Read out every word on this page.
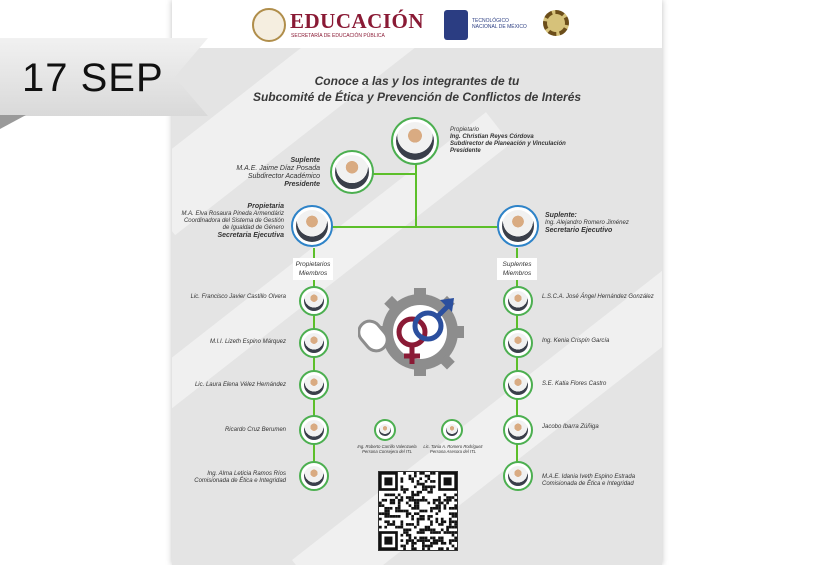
17 SEP
EDUCACIÓN
SECRETARÍA DE EDUCACIÓN PÚBLICA
TECNOLÓGICO NACIONAL DE MÉXICO
Conoce a las y los integrantes de tu
Subcomité de Ética y Prevención de Conflictos de Interés
Propietario
Ing. Christian Reyes Córdova
Subdirector de Planeación y Vinculación
Presidente
Suplente
M.A.E. Jaime Díaz Posada
Subdirector Académico
Presidente
Propietaria
M.A. Elva Rosaura Pineda Armendáriz
Coordinadora del Sistema de Gestión
de Igualdad de Género
Secretaria Ejecutiva
Suplente:
Ing. Alejandro Romero Jiménez
Secretario Ejecutivo
Propietarios
Miembros
Suplentes
Miembros
Lic. Francisco Javier Castillo Olvera
M.I.I. Lizeth Espino Márquez
Lic. Laura Elena Vélez Hernández
Ricardo Cruz Berumen
Ing. Alma Leticia Ramos Ríos
Comisionada de Ética e Integridad
L.S.C.A. José Ángel Hernández González
Ing. Kenia Crispín García
S.E. Katia Flores Castro
Jacobo Ibarra Zúñiga
M.A.E. Idania Iveth Espino Estrada
Comisionada de Ética e Integridad
Ing. Roberto Carrillo Valenzuela
Persona Consejera del ITL
Lic. Tania A. Romero Rodríguez
Persona Asesora del ITL
